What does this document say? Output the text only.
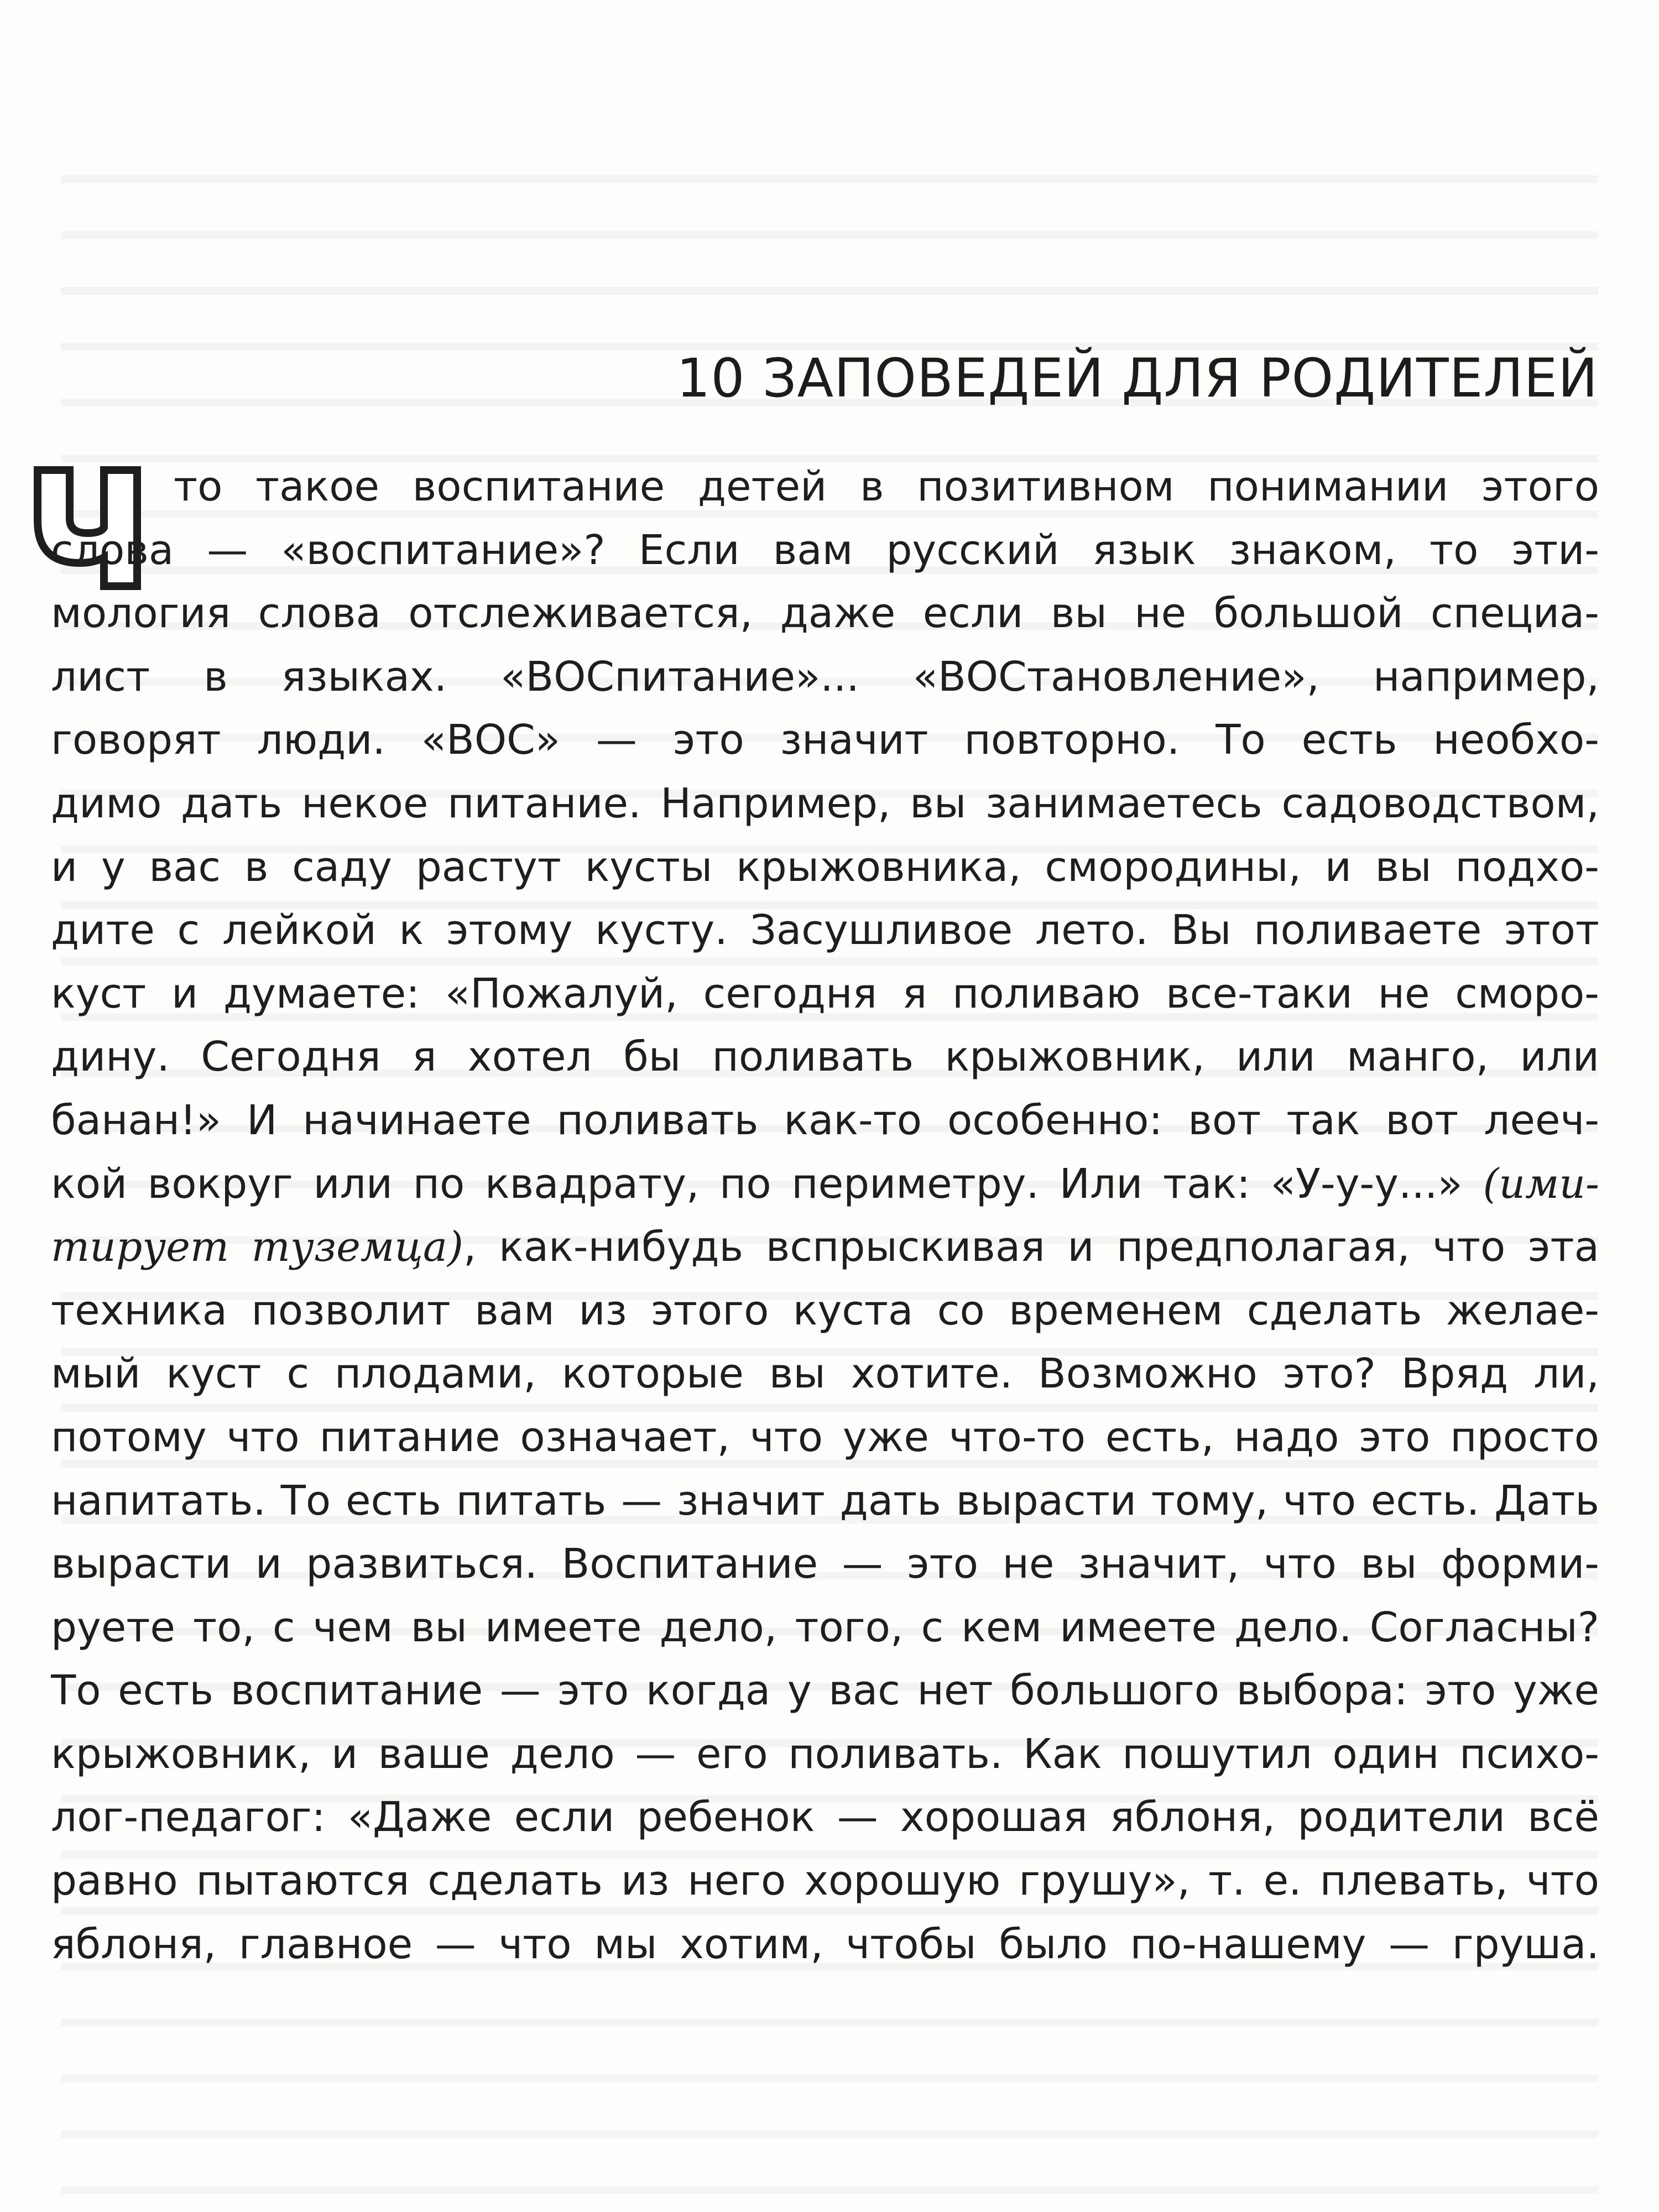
10 ЗАПОВЕДЕЙ ДЛЯ РОДИТЕЛЕЙ
Ч
то такое воспитание детей в позитивном понимании этого
слова — «воспитание»? Если вам русский язык знаком, то эти-
мология слова отслеживается, даже если вы не большой специа-
лист в языках. «ВОСпитание»... «ВОСтановление», например,
говорят люди. «ВОС» — это значит повторно. То есть необхо-
димо дать некое питание. Например, вы занимаетесь садоводством,
и у вас в саду растут кусты крыжовника, смородины, и вы подхо-
дите с лейкой к этому кусту. Засушливое лето. Вы поливаете этот
куст и думаете: «Пожалуй, сегодня я поливаю все-таки не сморо-
дину. Сегодня я хотел бы поливать крыжовник, или манго, или
банан!» И начинаете поливать как-то особенно: вот так вот лееч-
кой вокруг или по квадрату, по периметру. Или так: «У-у-у...» (ими-
тирует туземца), как-нибудь вспрыскивая и предполагая, что эта
техника позволит вам из этого куста со временем сделать желае-
мый куст с плодами, которые вы хотите. Возможно это? Вряд ли,
потому что питание означает, что уже что-то есть, надо это просто
напитать. То есть питать — значит дать вырасти тому, что есть. Дать
вырасти и развиться. Воспитание — это не значит, что вы форми-
руете то, с чем вы имеете дело, того, с кем имеете дело. Согласны?
То есть воспитание — это когда у вас нет большого выбора: это уже
крыжовник, и ваше дело — его поливать. Как пошутил один психо-
лог-педагог: «Даже если ребенок — хорошая яблоня, родители всё
равно пытаются сделать из него хорошую грушу», т. е. плевать, что
яблоня, главное — что мы хотим, чтобы было по-нашему — груша.
